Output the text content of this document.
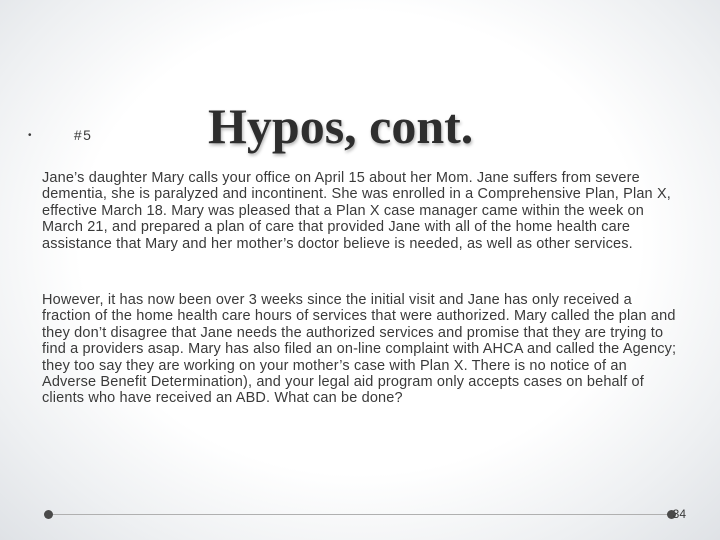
Hypos, cont.
•	#5

Jane’s daughter Mary calls your office on April 15 about her Mom. Jane suffers from severe dementia, she is paralyzed and incontinent. She was enrolled in a Comprehensive Plan, Plan X, effective March 18. Mary was pleased that a Plan X case manager came within the week on March 21, and prepared a plan of care that provided Jane with all of the home health care assistance that Mary and her mother’s doctor believe is needed, as well as other services.

However, it has now been over 3 weeks since the initial visit and Jane has only received a fraction of the home health care hours of services that were authorized. Mary called the plan and they don’t disagree that Jane needs the authorized services and promise that they are trying to find a providers asap. Mary has also filed an on-line complaint with AHCA and called the Agency; they too say they are working on your mother’s case with Plan X. There is no notice of an Adverse Benefit Determination), and your legal aid program only accepts cases on behalf of clients who have received an ABD. What can be done?

34
